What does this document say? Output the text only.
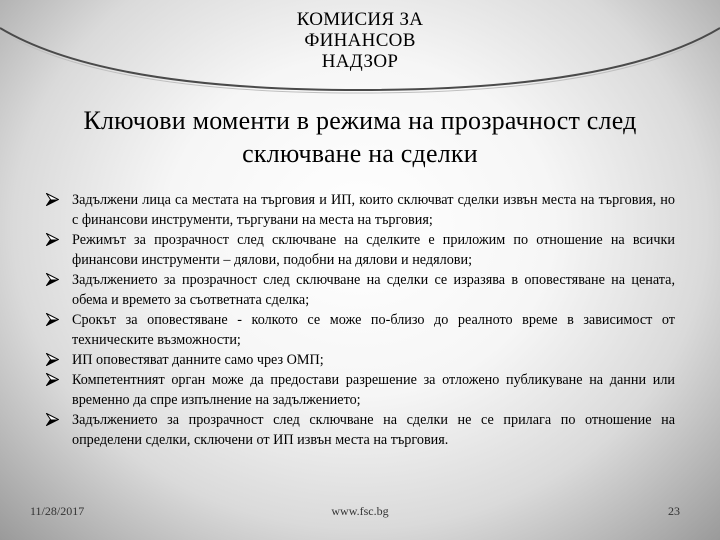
КОМИСИЯ ЗА
ФИНАНСОВ
НАДЗОР
Ключови моменти в режима на прозрачност след
сключване на сделки
Задължени лица са местата на търговия и ИП, които сключват сделки извън места на търговия, но с финансови инструменти, търгувани на места на търговия;
Режимът за прозрачност след сключване на сделките е приложим по отношение на всички финансови инструменти – дялови, подобни на дялови и недялови;
Задължението за прозрачност след сключване на сделки се изразява в оповестяване на цената, обема и времето за съответната сделка;
Срокът за оповестяване - колкото се може по-близо до реалното време в зависимост от техническите възможности;
ИП оповестяват данните само чрез ОМП;
Компетентният орган може да предостави разрешение за отложено публикуване на данни или временно да спре изпълнение на задължението;
Задължението за прозрачност след сключване на сделки не се прилага по отношение на определени сделки, сключени от ИП извън места на търговия.
11/28/2017	www.fsc.bg	23
